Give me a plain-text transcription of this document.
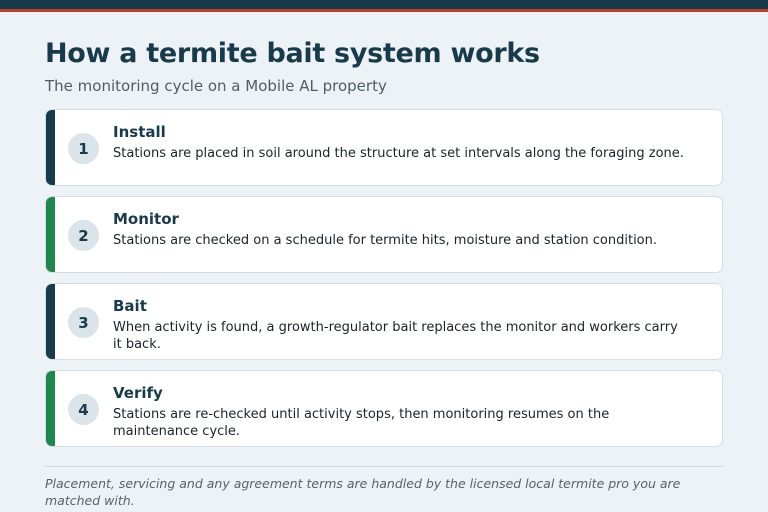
How a termite bait system works
The monitoring cycle on a Mobile AL property
1
Install
Stations are placed in soil around the structure at set intervals along the foraging zone.
2
Monitor
Stations are checked on a schedule for termite hits, moisture and station condition.
3
Bait
When activity is found, a growth-regulator bait replaces the monitor and workers carry it back.
4
Verify
Stations are re-checked until activity stops, then monitoring resumes on the maintenance cycle.
Placement, servicing and any agreement terms are handled by the licensed local termite pro you are matched with.
